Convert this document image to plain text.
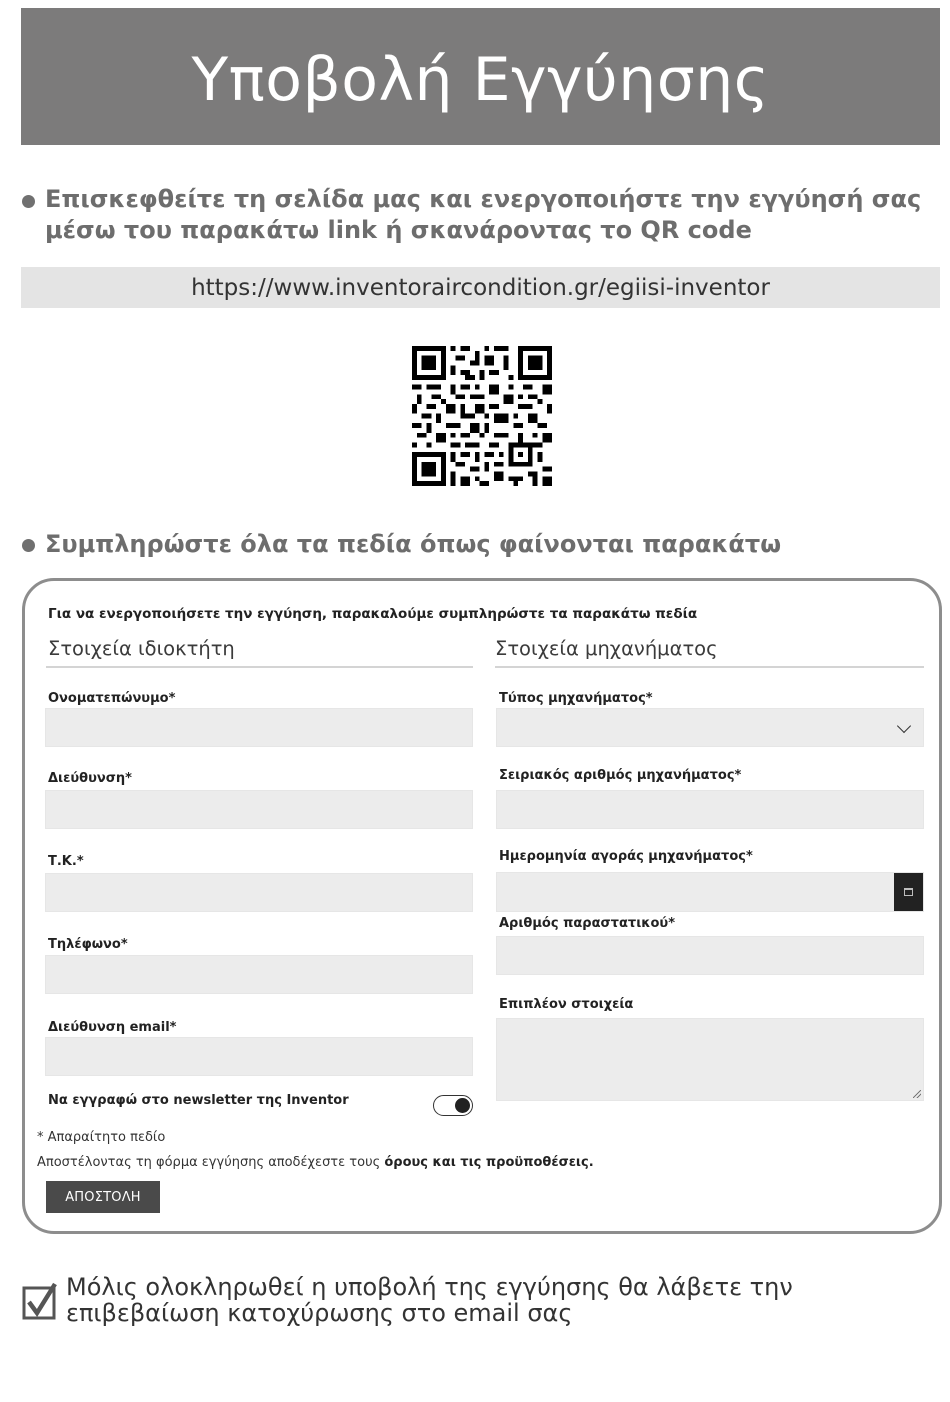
Υποβολή Εγγύησης
Επισκεφθείτε τη σελίδα μας και ενεργοποιήστε την εγγύησή σας μέσω του παρακάτω link ή σκανάροντας το QR code
https://www.inventoraircondition.gr/egiisi-inventor
Συμπληρώστε όλα τα πεδία όπως φαίνονται παρακάτω
Για να ενεργοποιήσετε την εγγύηση, παρακαλούμε συμπληρώστε τα παρακάτω πεδία
Στοιχεία ιδιοκτήτη	Στοιχεία μηχανήματος
Ονοματεπώνυμο*
Διεύθυνση*
Τ.Κ.*
Τηλέφωνο*
Διεύθυνση email*
Να εγγραφώ στο newsletter της Inventor
Τύπος μηχανήματος*
Σειριακός αριθμός μηχανήματος*
Ημερομηνία αγοράς μηχανήματος*
Αριθμός παραστατικού*
Επιπλέον στοιχεία
* Απαραίτητο πεδίο
Αποστέλοντας τη φόρμα εγγύησης αποδέχεστε τους όρους και τις προϋποθέσεις.
ΑΠΟΣΤΟΛΗ
Μόλις ολοκληρωθεί η υποβολή της εγγύησης θα λάβετε την επιβεβαίωση κατοχύρωσης στο email σας
